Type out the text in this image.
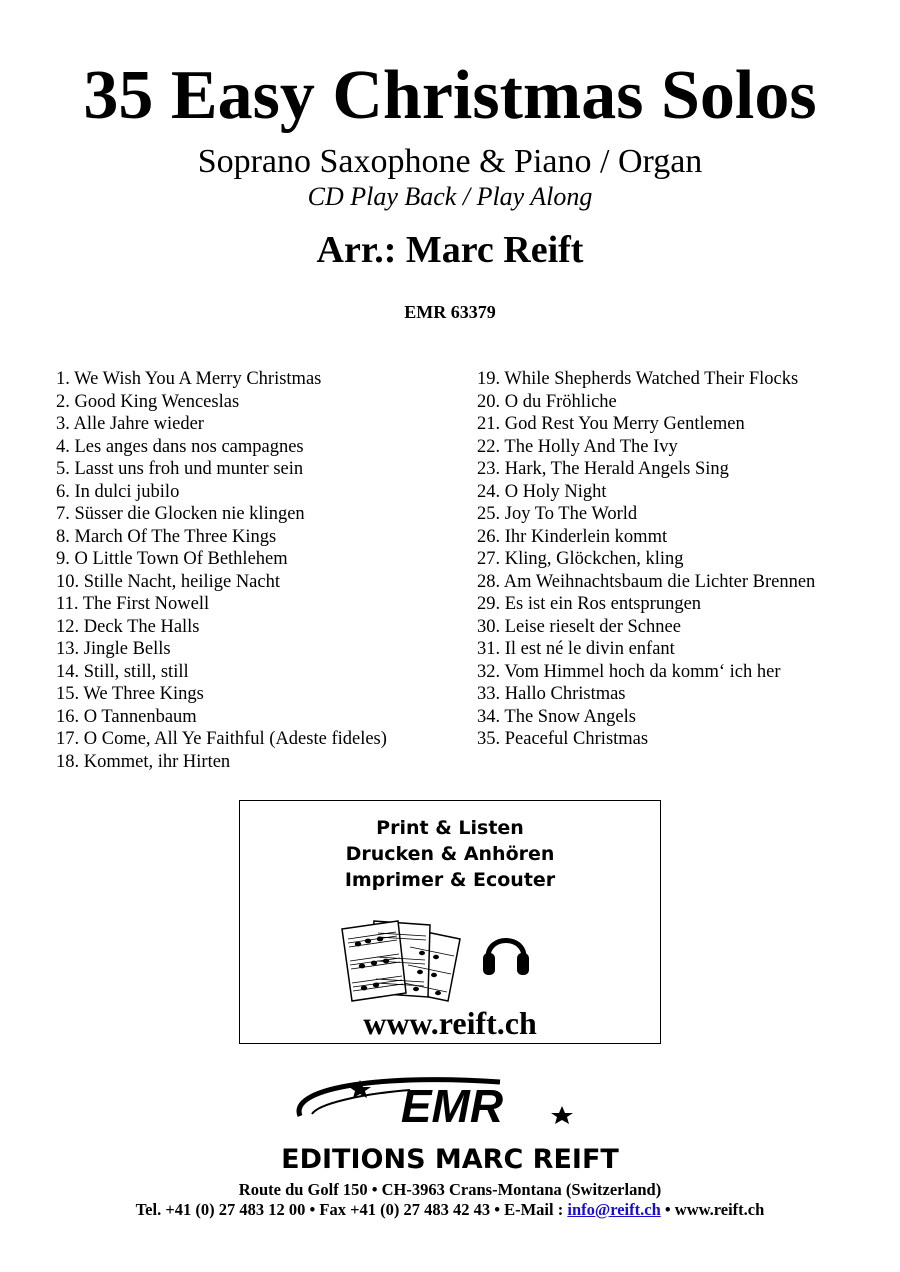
35 Easy Christmas Solos
Soprano Saxophone & Piano / Organ
CD Play Back / Play Along
Arr.: Marc Reift
EMR 63379
1. We Wish You A Merry Christmas
2. Good King Wenceslas
3. Alle Jahre wieder
4. Les anges dans nos campagnes
5. Lasst uns froh und munter sein
6. In dulci jubilo
7. Süsser die Glocken nie klingen
8. March Of The Three Kings
9. O Little Town Of Bethlehem
10. Stille Nacht, heilige Nacht
11. The First Nowell
12. Deck The Halls
13. Jingle Bells
14. Still, still, still
15. We Three Kings
16. O Tannenbaum
17. O Come, All Ye Faithful (Adeste fideles)
18. Kommet, ihr Hirten
19. While Shepherds Watched Their Flocks
20. O du Fröhliche
21. God Rest You Merry Gentlemen
22. The Holly And The Ivy
23. Hark, The Herald Angels Sing
24. O Holy Night
25. Joy To The World
26. Ihr Kinderlein kommt
27. Kling, Glöckchen, kling
28. Am Weihnachtsbaum die Lichter Brennen
29. Es ist ein Ros entsprungen
30. Leise rieselt der Schnee
31. Il est né le divin enfant
32. Vom Himmel hoch da komm‘ ich her
33. Hallo Christmas
34. The Snow Angels
35. Peaceful Christmas
Print & Listen
Drucken & Anhören
Imprimer & Ecouter
www.reift.ch
EMR
EDITIONS MARC REIFT
Route du Golf 150 • CH-3963 Crans-Montana (Switzerland)
Tel. +41 (0) 27 483 12 00 • Fax +41 (0) 27 483 42 43 • E-Mail : info@reift.ch • www.reift.ch
